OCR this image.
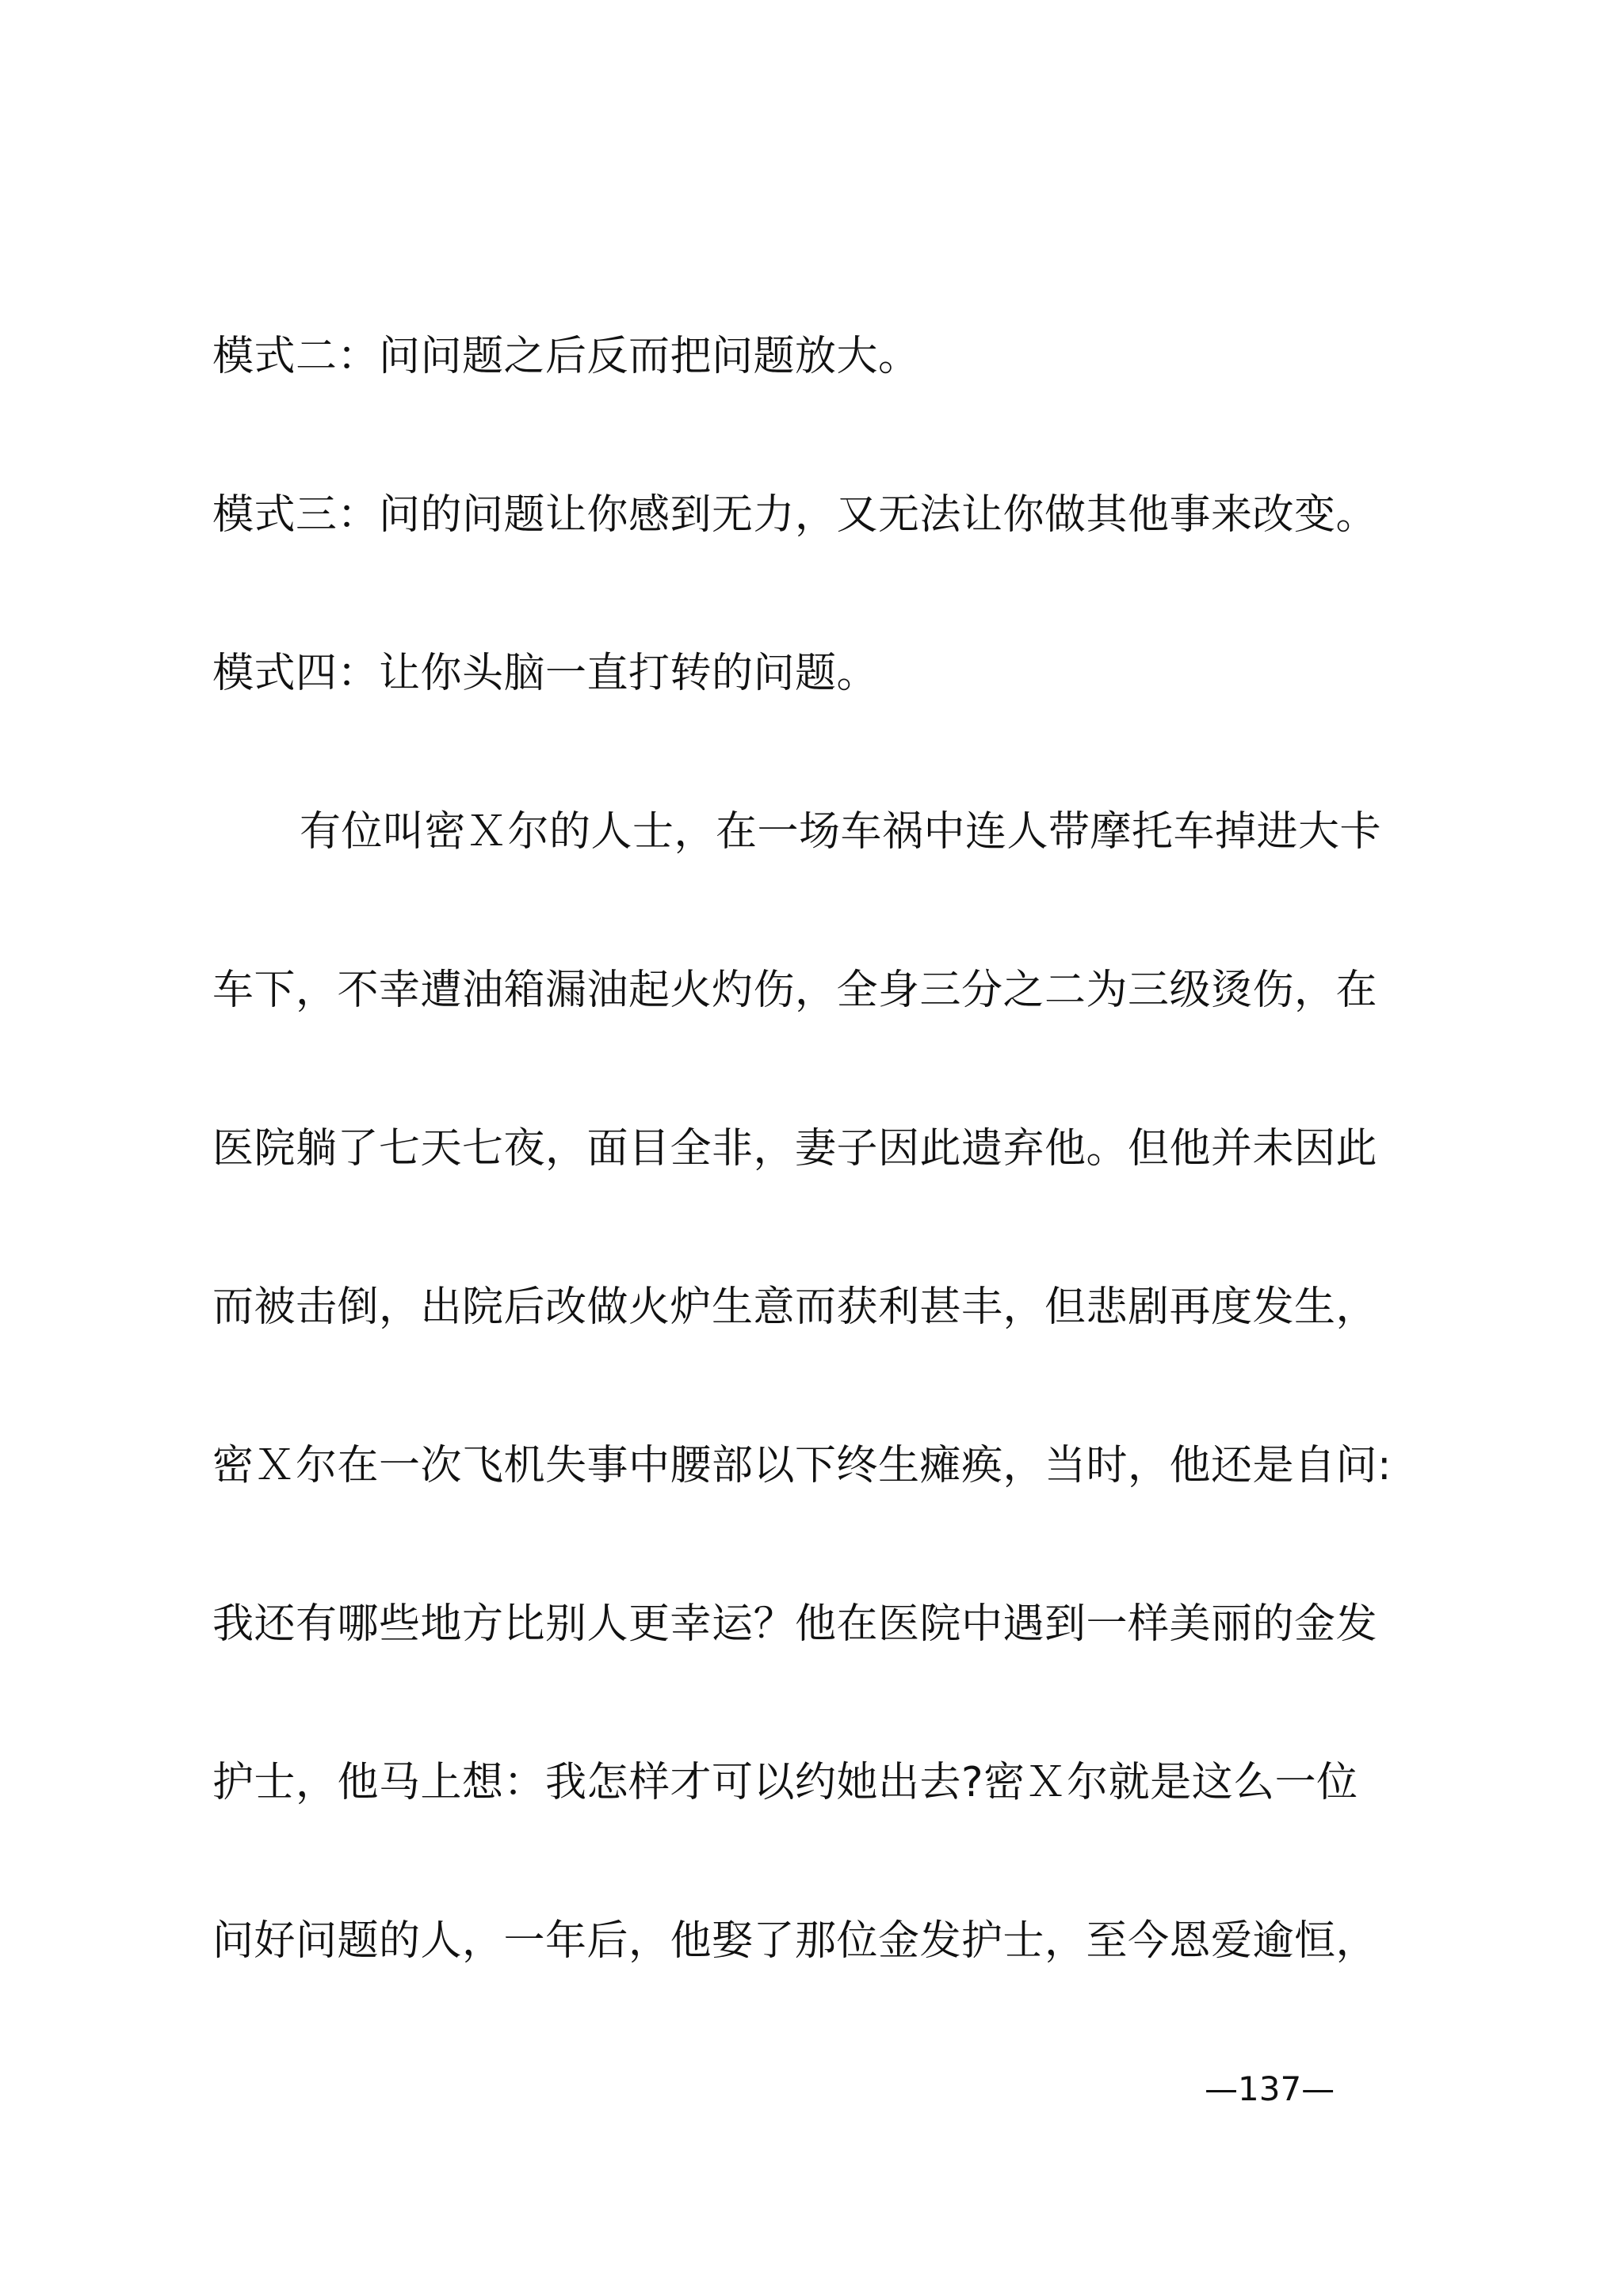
模式二：问问题之后反而把问题放大。
模式三：问的问题让你感到无力，又无法让你做其他事来改变。
模式四：让你头脑一直打转的问题。
有位叫密Ｘ尔的人士，在一场车祸中连人带摩托车掉进大卡
车下，不幸遭油箱漏油起火灼伤，全身三分之二为三级烫伤，在
医院躺了七天七夜，面目全非，妻子因此遗弃他。但他并未因此
而被击倒，出院后改做火炉生意而获利甚丰，但悲剧再度发生，
密Ｘ尔在一次飞机失事中腰部以下终生瘫痪，当时，他还是自问:
我还有哪些地方比别人更幸运？他在医院中遇到一样美丽的金发
护士，他马上想：我怎样才可以约她出去?密Ｘ尔就是这么一位
问好问题的人，一年后，他娶了那位金发护士，至今恩爱逾恒，
—137—
